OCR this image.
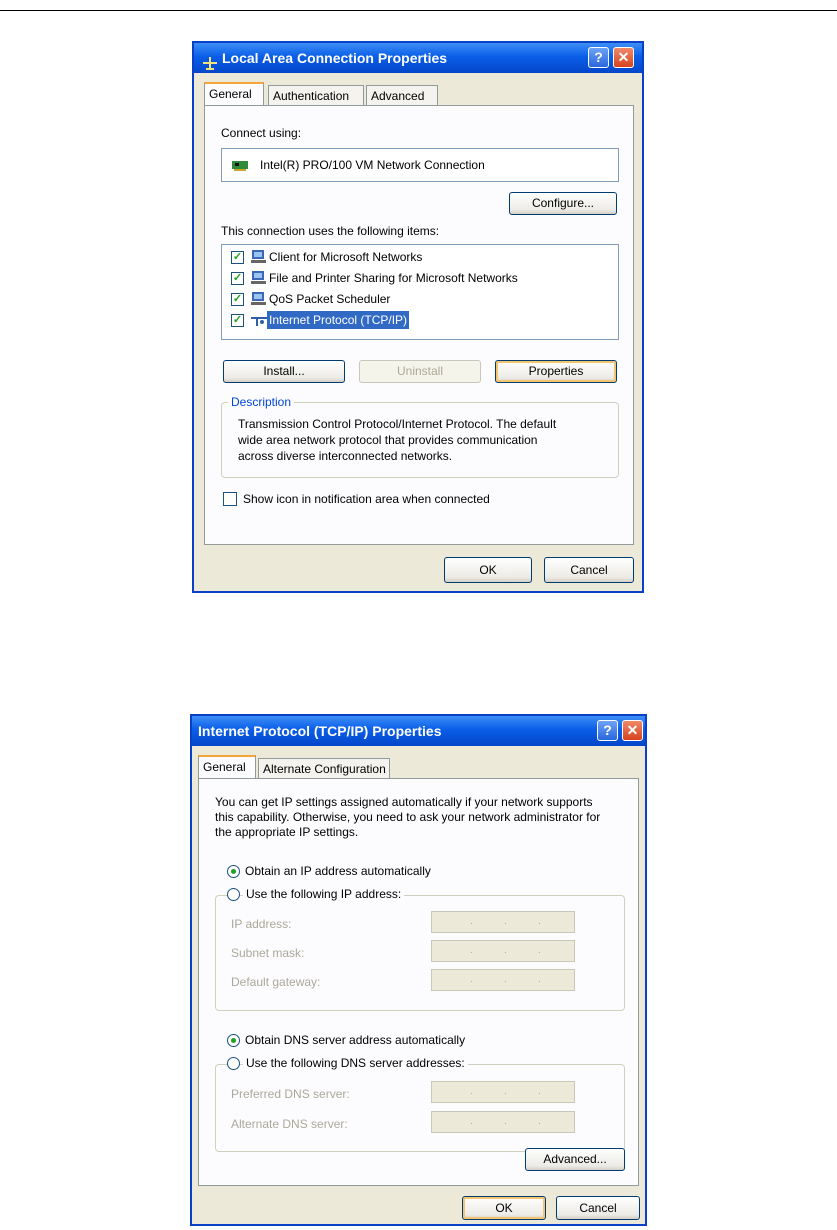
Local Area Connection Properties	?	✕
General	Authentication	Advanced
Connect using:
Intel(R) PRO/100 VM Network Connection
Configure...
This connection uses the following items:
✓ Client for Microsoft Networks
✓ File and Printer Sharing for Microsoft Networks
✓ QoS Packet Scheduler
✓ Internet Protocol (TCP/IP)
Install...	Uninstall	Properties
Description
Transmission Control Protocol/Internet Protocol. The default
wide area network protocol that provides communication
across diverse interconnected networks.
Show icon in notification area when connected
OK	Cancel
Internet Protocol (TCP/IP) Properties	?	✕
General	Alternate Configuration
You can get IP settings assigned automatically if your network supports
this capability. Otherwise, you need to ask your network administrator for
the appropriate IP settings.
Obtain an IP address automatically
Use the following IP address:
IP address:	.	.	.
Subnet mask:	.	.	.
Default gateway:	.	.	.
Obtain DNS server address automatically
Use the following DNS server addresses:
Preferred DNS server:	.	.	.
Alternate DNS server:	.	.	.
Advanced...
OK	Cancel
